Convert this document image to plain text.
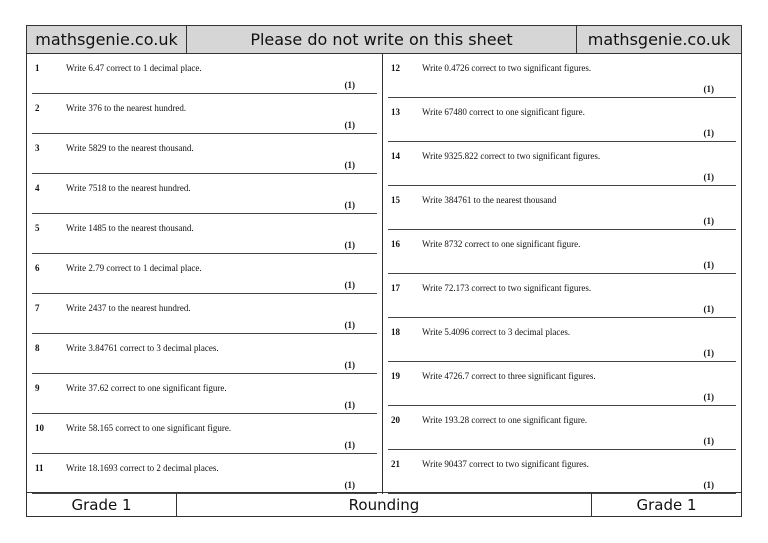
mathsgenie.co.uk	Please do not write on this sheet	mathsgenie.co.uk
1	Write 6.47 correct to 1 decimal place.
(1)
2	Write 376 to the nearest hundred.
(1)
3	Write 5829 to the nearest thousand.
(1)
4	Write 7518 to the nearest hundred.
(1)
5	Write 1485 to the nearest thousand.
(1)
6	Write 2.79 correct to 1 decimal place.
(1)
7	Write 2437 to the nearest hundred.
(1)
8	Write 3.84761 correct to 3 decimal places.
(1)
9	Write 37.62 correct to one significant figure.
(1)
10 Write 58.165 correct to one significant figure.
(1)
11 Write 18.1693 correct to 2 decimal places.
(1)
12 Write 0.4726 correct to two significant figures.
(1)
13 Write 67480 correct to one significant figure.
(1)
14 Write 9325.822 correct to two significant figures.
(1)
15 Write 384761 to the nearest thousand
(1)
16 Write 8732 correct to one significant figure.
(1)
17 Write 72.173 correct to two significant figures.
(1)
18 Write 5.4096 correct to 3 decimal places.
(1)
19 Write 4726.7 correct to three significant figures.
(1)
20 Write 193.28 correct to one significant figure.
(1)
21 Write 90437 correct to two significant figures.
(1)
Grade 1	Rounding	Grade 1
